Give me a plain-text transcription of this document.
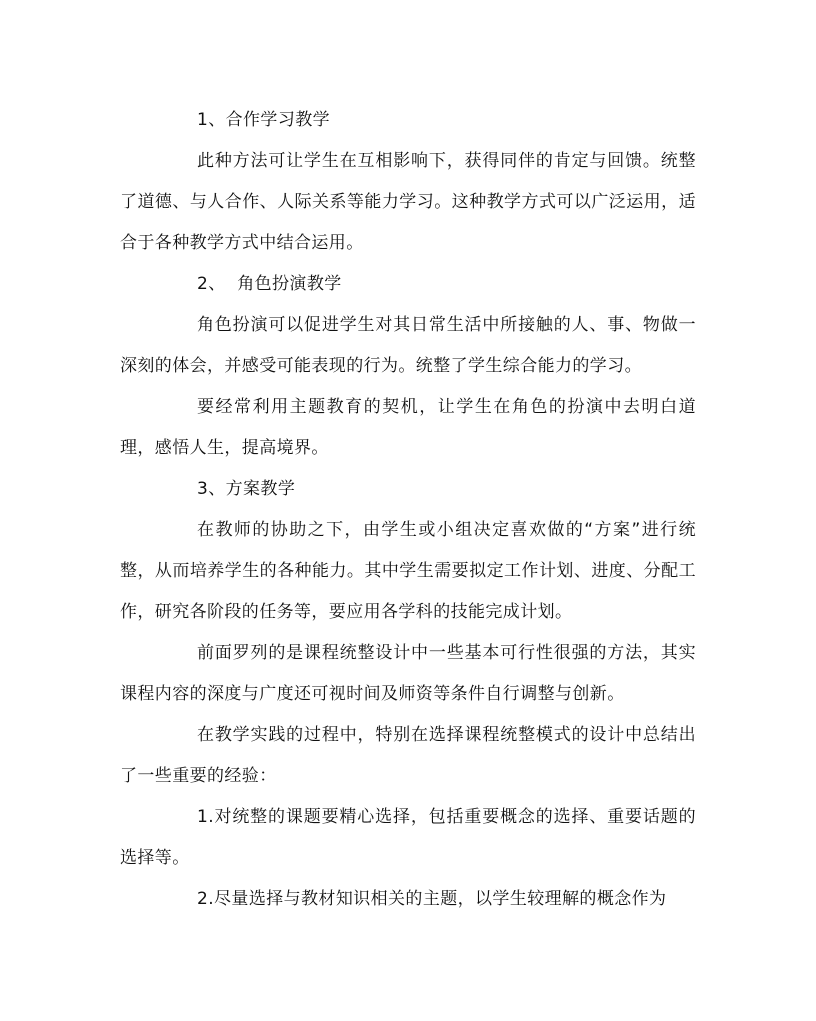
1、合作学习教学

此种方法可让学生在互相影响下，获得同伴的肯定与回馈。统整了道德、与人合作、人际关系等能力学习。这种教学方式可以广泛运用，适合于各种教学方式中结合运用。

2、  角色扮演教学

角色扮演可以促进学生对其日常生活中所接触的人、事、物做一深刻的体会，并感受可能表现的行为。统整了学生综合能力的学习。

要经常利用主题教育的契机，让学生在角色的扮演中去明白道理，感悟人生，提高境界。

3、方案教学

在教师的协助之下，由学生或小组决定喜欢做的“方案”进行统整，从而培养学生的各种能力。其中学生需要拟定工作计划、进度、分配工作，研究各阶段的任务等，要应用各学科的技能完成计划。

前面罗列的是课程统整设计中一些基本可行性很强的方法，其实课程内容的深度与广度还可视时间及师资等条件自行调整与创新。

在教学实践的过程中，特别在选择课程统整模式的设计中总结出了一些重要的经验：

1.对统整的课题要精心选择，包括重要概念的选择、重要话题的选择等。

2.尽量选择与教材知识相关的主题，以学生较理解的概念作为
